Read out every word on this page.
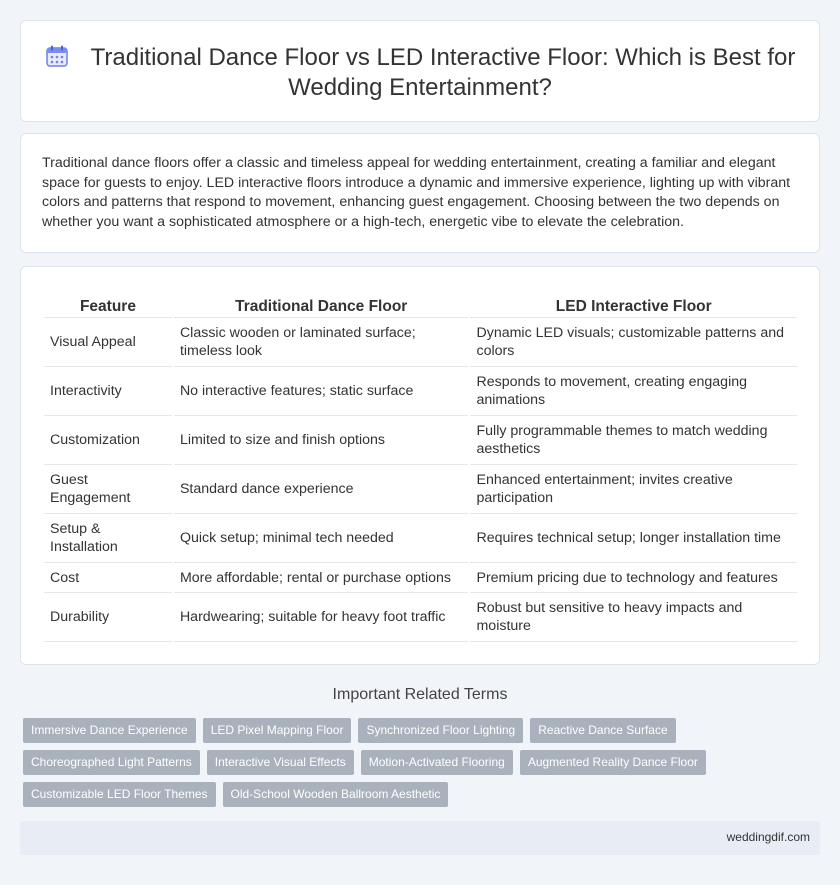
Traditional Dance Floor vs LED Interactive Floor: Which is Best for Wedding Entertainment?

Traditional dance floors offer a classic and timeless appeal for wedding entertainment, creating a familiar and elegant space for guests to enjoy. LED interactive floors introduce a dynamic and immersive experience, lighting up with vibrant colors and patterns that respond to movement, enhancing guest engagement. Choosing between the two depends on whether you want a sophisticated atmosphere or a high-tech, energetic vibe to elevate the celebration.

Feature	Traditional Dance Floor	LED Interactive Floor
Visual Appeal	Classic wooden or laminated surface; timeless look	Dynamic LED visuals; customizable patterns and colors
Interactivity	No interactive features; static surface	Responds to movement, creating engaging animations
Customization	Limited to size and finish options	Fully programmable themes to match wedding aesthetics
Guest Engagement	Standard dance experience	Enhanced entertainment; invites creative participation
Setup & Installation	Quick setup; minimal tech needed	Requires technical setup; longer installation time
Cost	More affordable; rental or purchase options	Premium pricing due to technology and features
Durability	Hardwearing; suitable for heavy foot traffic	Robust but sensitive to heavy impacts and moisture
Important Related Terms
Immersive Dance Experience LED Pixel Mapping Floor Synchronized Floor Lighting Reactive Dance Surface
Choreographed Light Patterns Interactive Visual Effects Motion-Activated Flooring Augmented Reality Dance Floor
Customizable LED Floor Themes Old-School Wooden Ballroom Aesthetic
weddingdif.com
